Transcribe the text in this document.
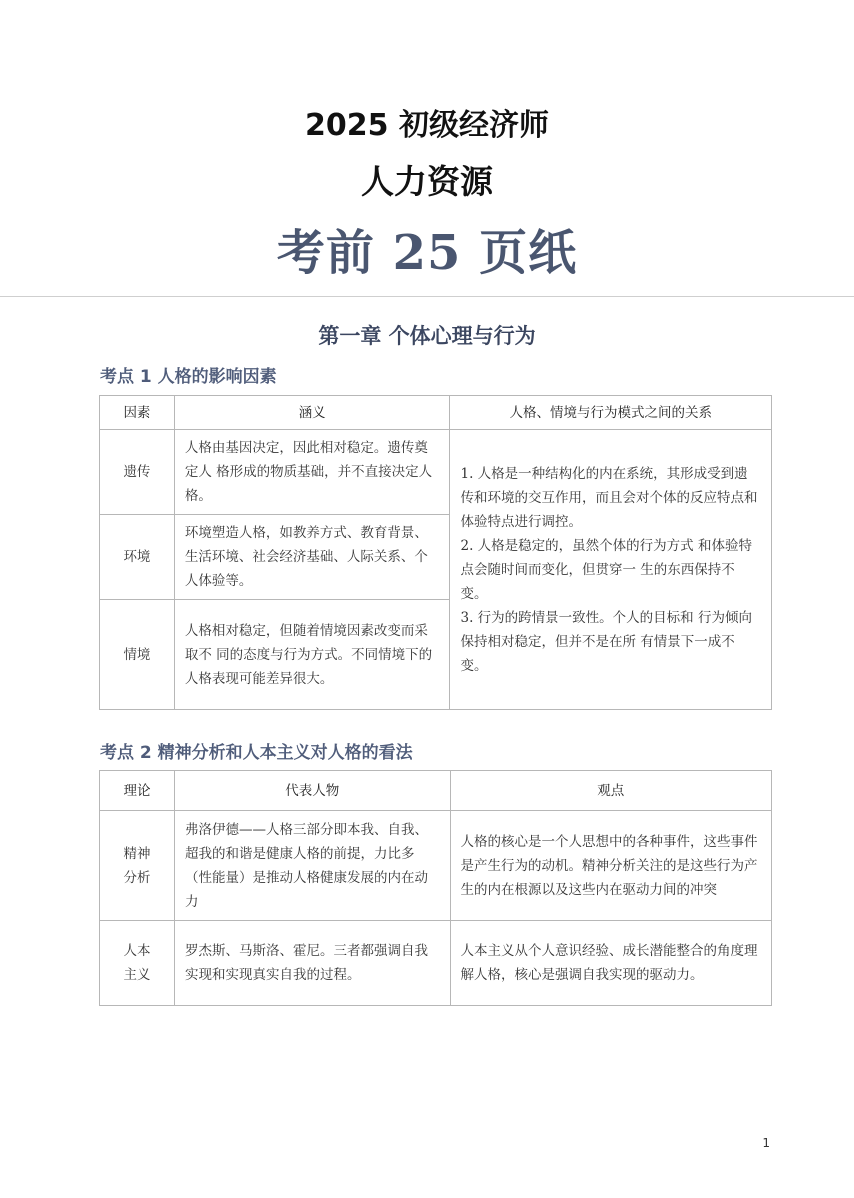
2025 初级经济师
人力资源
考前 25 页纸
第一章 个体心理与行为
考点 1 人格的影响因素
因素	涵义	人格、情境与行为模式之间的关系
遗传	人格由基因决定，因此相对稳定。遗传奠定人 格形成的物质基础，并不直接决定人格。	1. 人格是一种结构化的内在系统，其形成受到遗传和环境的交互作用，而且会对个体的反应特点和体验特点进行调控。
2. 人格是稳定的，虽然个体的行为方式 和体验特点会随时间而变化，但贯穿一 生的东西保持不变。
3. 行为的跨情景一致性。个人的目标和 行为倾向保持相对稳定，但并不是在所 有情景下一成不变。

环境	环境塑造人格，如教养方式、教育背景、生活环境、社会经济基础、人际关系、个人体验等。	
情境	人格相对稳定，但随着情境因素改变而采取不 同的态度与行为方式。不同情境下的人格表现可能差异很大。	
考点 2 精神分析和人本主义对人格的看法
理论	代表人物	观点
精神分析	弗洛伊德——人格三部分即本我、自我、超我的和谐是健康人格的前提，力比多（性能量）是推动人格健康发展的内在动力	人格的核心是一个人思想中的各种事件，这些事件是产生行为的动机。精神分析关注的是这些行为产生的内在根源以及这些内在驱动力间的冲突
人本主义	罗杰斯、马斯洛、霍尼。三者都强调自我实现和实现真实自我的过程。	人本主义从个人意识经验、成长潜能整合的角度理解人格，核心是强调自我实现的驱动力。
1
